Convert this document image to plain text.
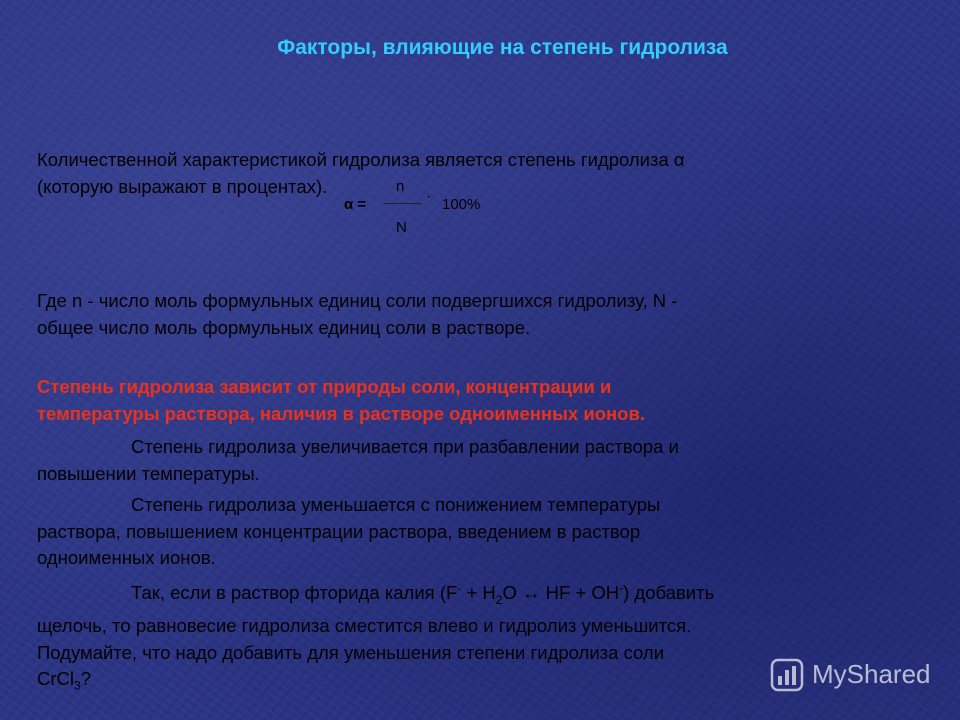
Факторы, влияющие на степень гидролиза
Количественной характеристикой гидролиза является степень гидролиза α
(которую выражают в процентах).
α =
n
· 100%
N
Где n - число моль формульных единиц соли подвергшихся гидролизу, N -
общее число моль формульных единиц соли в растворе.
Степень гидролиза зависит от природы соли, концентрации и
температуры раствора, наличия в растворе одноименных ионов.
Степень гидролиза увеличивается при разбавлении раствора и
повышении температуры.
Степень гидролиза уменьшается с понижением температуры
раствора, повышением концентрации раствора, введением в раствор
одноименных ионов.
Так, если в раствор фторида калия ($F^- + H_2O$ ↔ HF + OH-) добавить
щелочь, то равновесие гидролиза сместится влево и гидролиз уменьшится.
Подумайте, что надо добавить для уменьшения степени гидролиза соли
CrCl$_3$?	MyShared
